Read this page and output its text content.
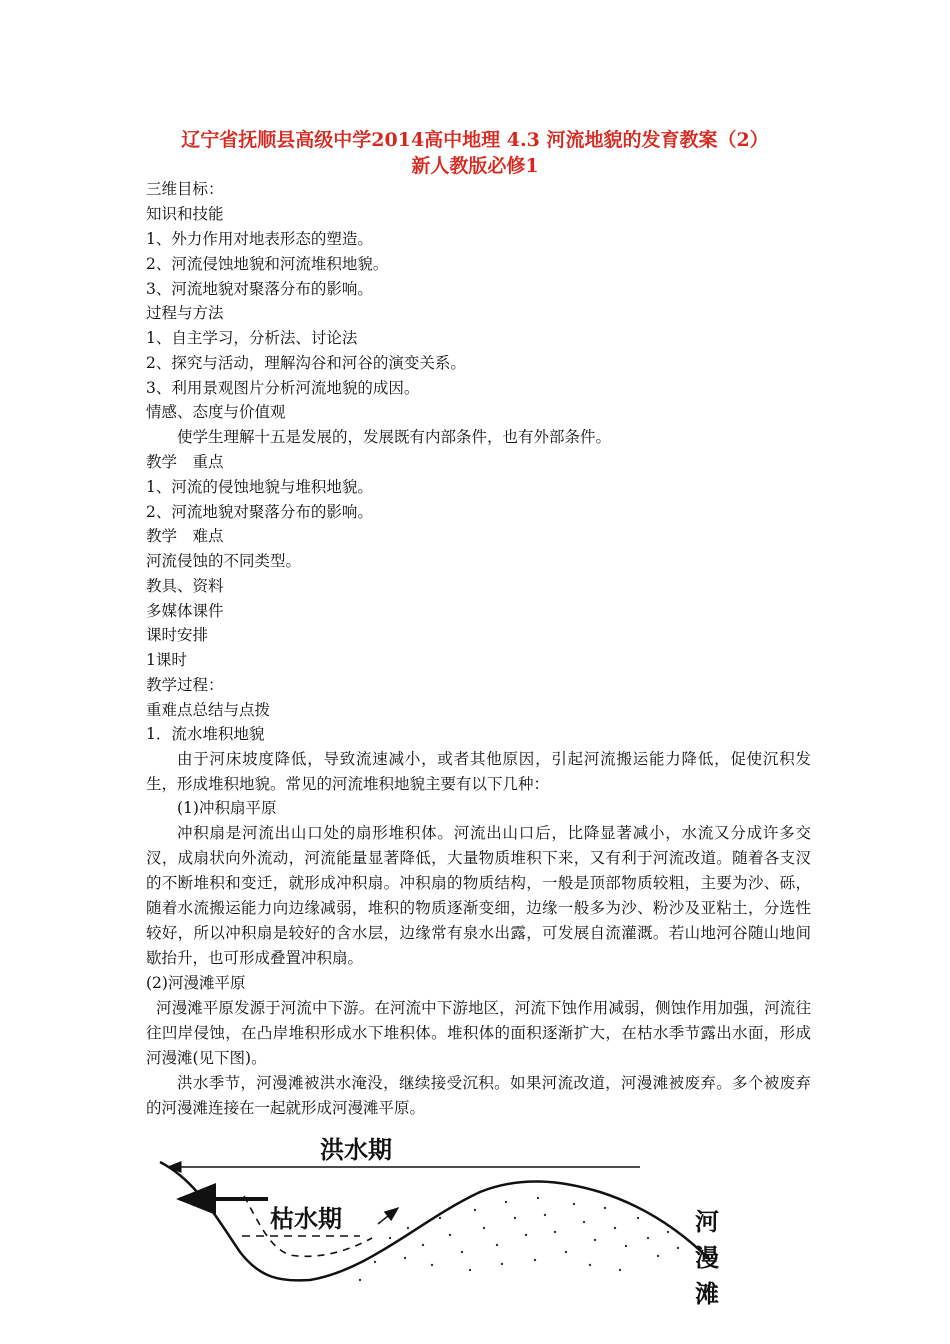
辽宁省抚顺县高级中学2014高中地理 4.3 河流地貌的发育教案（2）
新人教版必修1
三维目标：
知识和技能
1、外力作用对地表形态的塑造。
2、河流侵蚀地貌和河流堆积地貌。
3、河流地貌对聚落分布的影响。
过程与方法
1、自主学习，分析法、讨论法
2、探究与活动，理解沟谷和河谷的演变关系。
3、利用景观图片分析河流地貌的成因。
情感、态度与价值观
使学生理解十五是发展的，发展既有内部条件，也有外部条件。
教学　重点
1、河流的侵蚀地貌与堆积地貌。
2、河流地貌对聚落分布的影响。
教学　难点
河流侵蚀的不同类型。
教具、资料
多媒体课件
课时安排
1课时
教学过程：
重难点总结与点拨
1．流水堆积地貌
由于河床坡度降低，导致流速减小，或者其他原因，引起河流搬运能力降低，促使沉积发生，形成堆积地貌。常见的河流堆积地貌主要有以下几种：
(1)冲积扇平原
冲积扇是河流出山口处的扇形堆积体。河流出山口后，比降显著减小，水流又分成许多交汊，成扇状向外流动，河流能量显著降低，大量物质堆积下来，又有利于河流改道。随着各支汊的不断堆积和变迁，就形成冲积扇。冲积扇的物质结构，一般是顶部物质较粗，主要为沙、砾，随着水流搬运能力向边缘减弱，堆积的物质逐渐变细，边缘一般多为沙、粉沙及亚粘土，分选性较好，所以冲积扇是较好的含水层，边缘常有泉水出露，可发展自流灌溉。若山地河谷随山地间歇抬升，也可形成叠置冲积扇。
(2)河漫滩平原
河漫滩平原发源于河流中下游。在河流中下游地区，河流下蚀作用减弱，侧蚀作用加强，河流往往凹岸侵蚀，在凸岸堆积形成水下堆积体。堆积体的面积逐渐扩大，在枯水季节露出水面，形成河漫滩(见下图)。
洪水季节，河漫滩被洪水淹没，继续接受沉积。如果河流改道，河漫滩被废弃。多个被废弃的河漫滩连接在一起就形成河漫滩平原。
洪水期
枯水期	河
漫
滩
